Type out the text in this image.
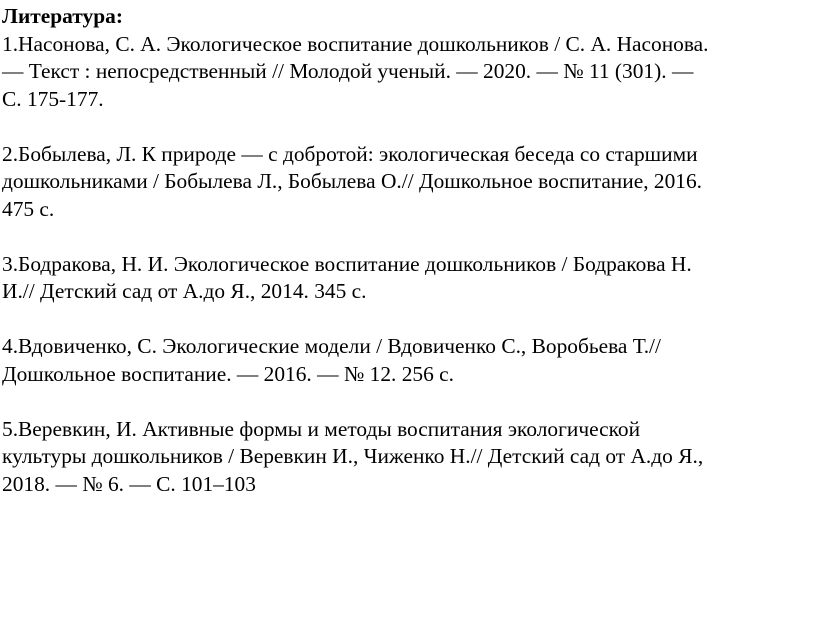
Литература:

1.Насонова, С. А. Экологическое воспитание дошкольников / С. А. Насонова.
— Текст : непосредственный // Молодой ученый. — 2020. — № 11 (301). —
С. 175-177.
2.Бобылева, Л. К природе — с добротой: экологическая беседа со старшими
дошкольниками / Бобылева Л., Бобылева О.// Дошкольное воспитание, 2016.
475 с.
3.Бодракова, Н. И. Экологическое воспитание дошкольников / Бодракова Н.
И.// Детский сад от А.до Я., 2014. 345 с.
4.Вдовиченко, С. Экологические модели / Вдовиченко С., Воробьева Т.//
Дошкольное воспитание. — 2016. — № 12. 256 с.
5.Веревкин, И. Активные формы и методы воспитания экологической
культуры дошкольников / Веревкин И., Чиженко Н.// Детский сад от А.до Я.,
2018. — № 6. — С. 101–103
